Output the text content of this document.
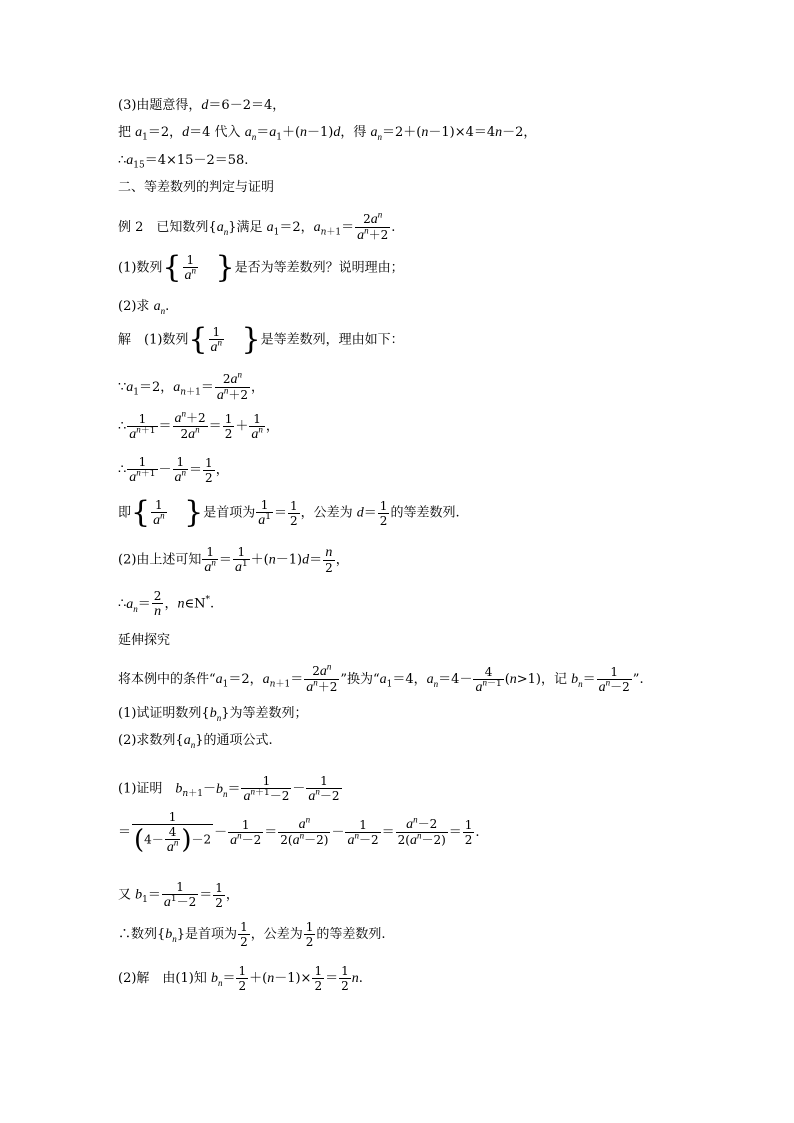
(3)由题意得，d＝6－2＝4，
把 $a_1=2$，d＝4 代入 $a_n=a_1+(n-1)d$，得 $a_n=2+(n-1)\times 4=4n-2$，
$\therefore a_{15}=4\times 15-2=58$.
二、等差数列的判定与证明
例 2　已知数列$\{a_n\}$满足 $a_1=2$，$a_{n+1}= \frac{2a^n}{a^n+2}$ .
(1)数列{ $\frac{1}{a^n}$ }是否为等差数列？说明理由；
(2)求 $a_n$.
解　(1)数列{ $\frac{1}{a^n}$ }是等差数列，理由如下：
$\because a_1=2$，$a_{n+1}= \frac{2a^n}{a^n+2}$ ，
∴ $\frac{1}{a^{n+1}} = \frac{a^n+2}{2a^n} = \frac{1}{2} + \frac{1}{a^n}$ ，
∴ $\frac{1}{a^{n+1}} - \frac{1}{a^n} = \frac{1}{2}$ ，
即{ $\frac{1}{a^n}$ }是首项为 $\frac{1}{a^1} = \frac{1}{2}$ ，公差为 $d= \frac{1}{2}$ 的等差数列.
(2)由上述可知 $\frac{1}{a^n} = \frac{1}{a^1} +(n-1)d= \frac{n}{2}$ ，
$\therefore a_n= \frac{2}{n}$ ，n∈N*.
延伸探究
将本例中的条件“$a_1=2$，$a_{n+1}= \frac{2a^n}{a^n+2}$ ”换为“$a_1=4$，$a_n=4- \frac{4}{a^{n-1}} (n>1)$，记 $b_n= \frac{1}{a^n-2}$ ”.
(1)试证明数列$\{b_n\}$为等差数列；
(2)求数列$\{a_n\}$的通项公式.
(1)证明　$b_{n+1}-b_n= \frac{1}{a^{n+1}-2} - \frac{1}{a^n-2}$
＝ $\frac{1}{(4- \frac{4}{a^n} )-2} - \frac{1}{a^n-2} = \frac{a^n}{2(a^n-2)} - \frac{1}{a^n-2} = \frac{a^n-2}{2(a^n-2)} = \frac{1}{2}$ .
又 $b_1= \frac{1}{a^1-2} = \frac{1}{2}$ ，
∴数列$\{b_n\}$是首项为 $\frac{1}{2}$ ，公差为 $\frac{1}{2}$ 的等差数列.
(2)解　由(1)知 $b_n= \frac{1}{2} +(n-1)\times \frac{1}{2} = \frac{1}{2} n$.
